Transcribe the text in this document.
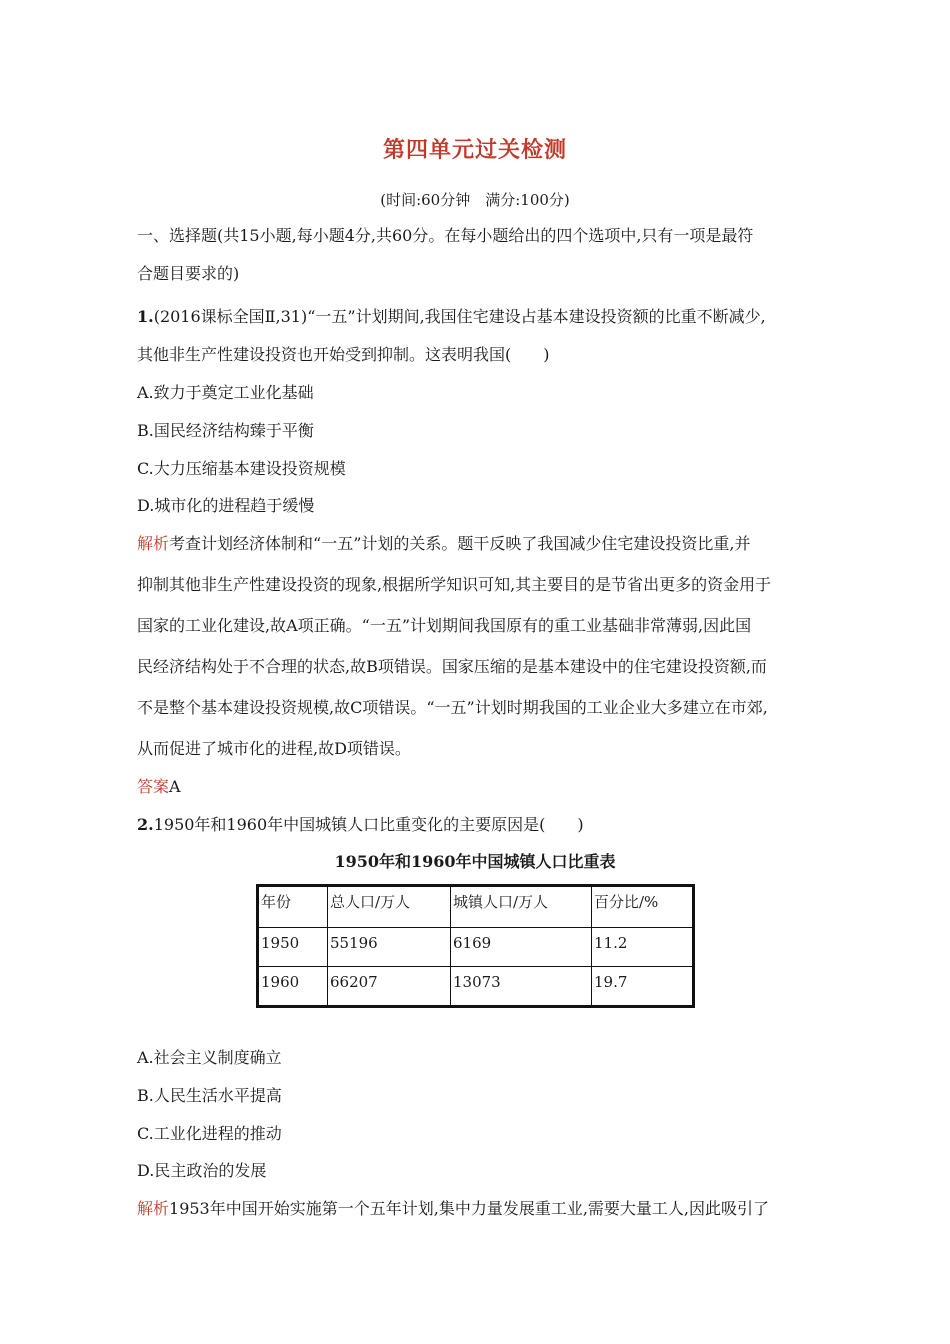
第四单元过关检测
(时间:60分钟　满分:100分)
一、选择题(共15小题,每小题4分,共60分。在每小题给出的四个选项中,只有一项是最符
合题目要求的)
1.(2016课标全国Ⅱ,31)“一五”计划期间,我国住宅建设占基本建设投资额的比重不断减少,
其他非生产性建设投资也开始受到抑制。这表明我国(　　)
A.致力于奠定工业化基础
B.国民经济结构臻于平衡
C.大力压缩基本建设投资规模
D.城市化的进程趋于缓慢
解析考查计划经济体制和“一五”计划的关系。题干反映了我国减少住宅建设投资比重,并
抑制其他非生产性建设投资的现象,根据所学知识可知,其主要目的是节省出更多的资金用于
国家的工业化建设,故A项正确。“一五”计划期间我国原有的重工业基础非常薄弱,因此国
民经济结构处于不合理的状态,故B项错误。国家压缩的是基本建设中的住宅建设投资额,而
不是整个基本建设投资规模,故C项错误。“一五”计划时期我国的工业企业大多建立在市郊,
从而促进了城市化的进程,故D项错误。
答案A
2.1950年和1960年中国城镇人口比重变化的主要原因是(　　)
1950年和1960年中国城镇人口比重表
年份	总人口/万人	城镇人口/万人	百分比/%
1950	55196	6169	11.2
1960	66207	13073	19.7
A.社会主义制度确立
B.人民生活水平提高
C.工业化进程的推动
D.民主政治的发展
解析1953年中国开始实施第一个五年计划,集中力量发展重工业,需要大量工人,因此吸引了
